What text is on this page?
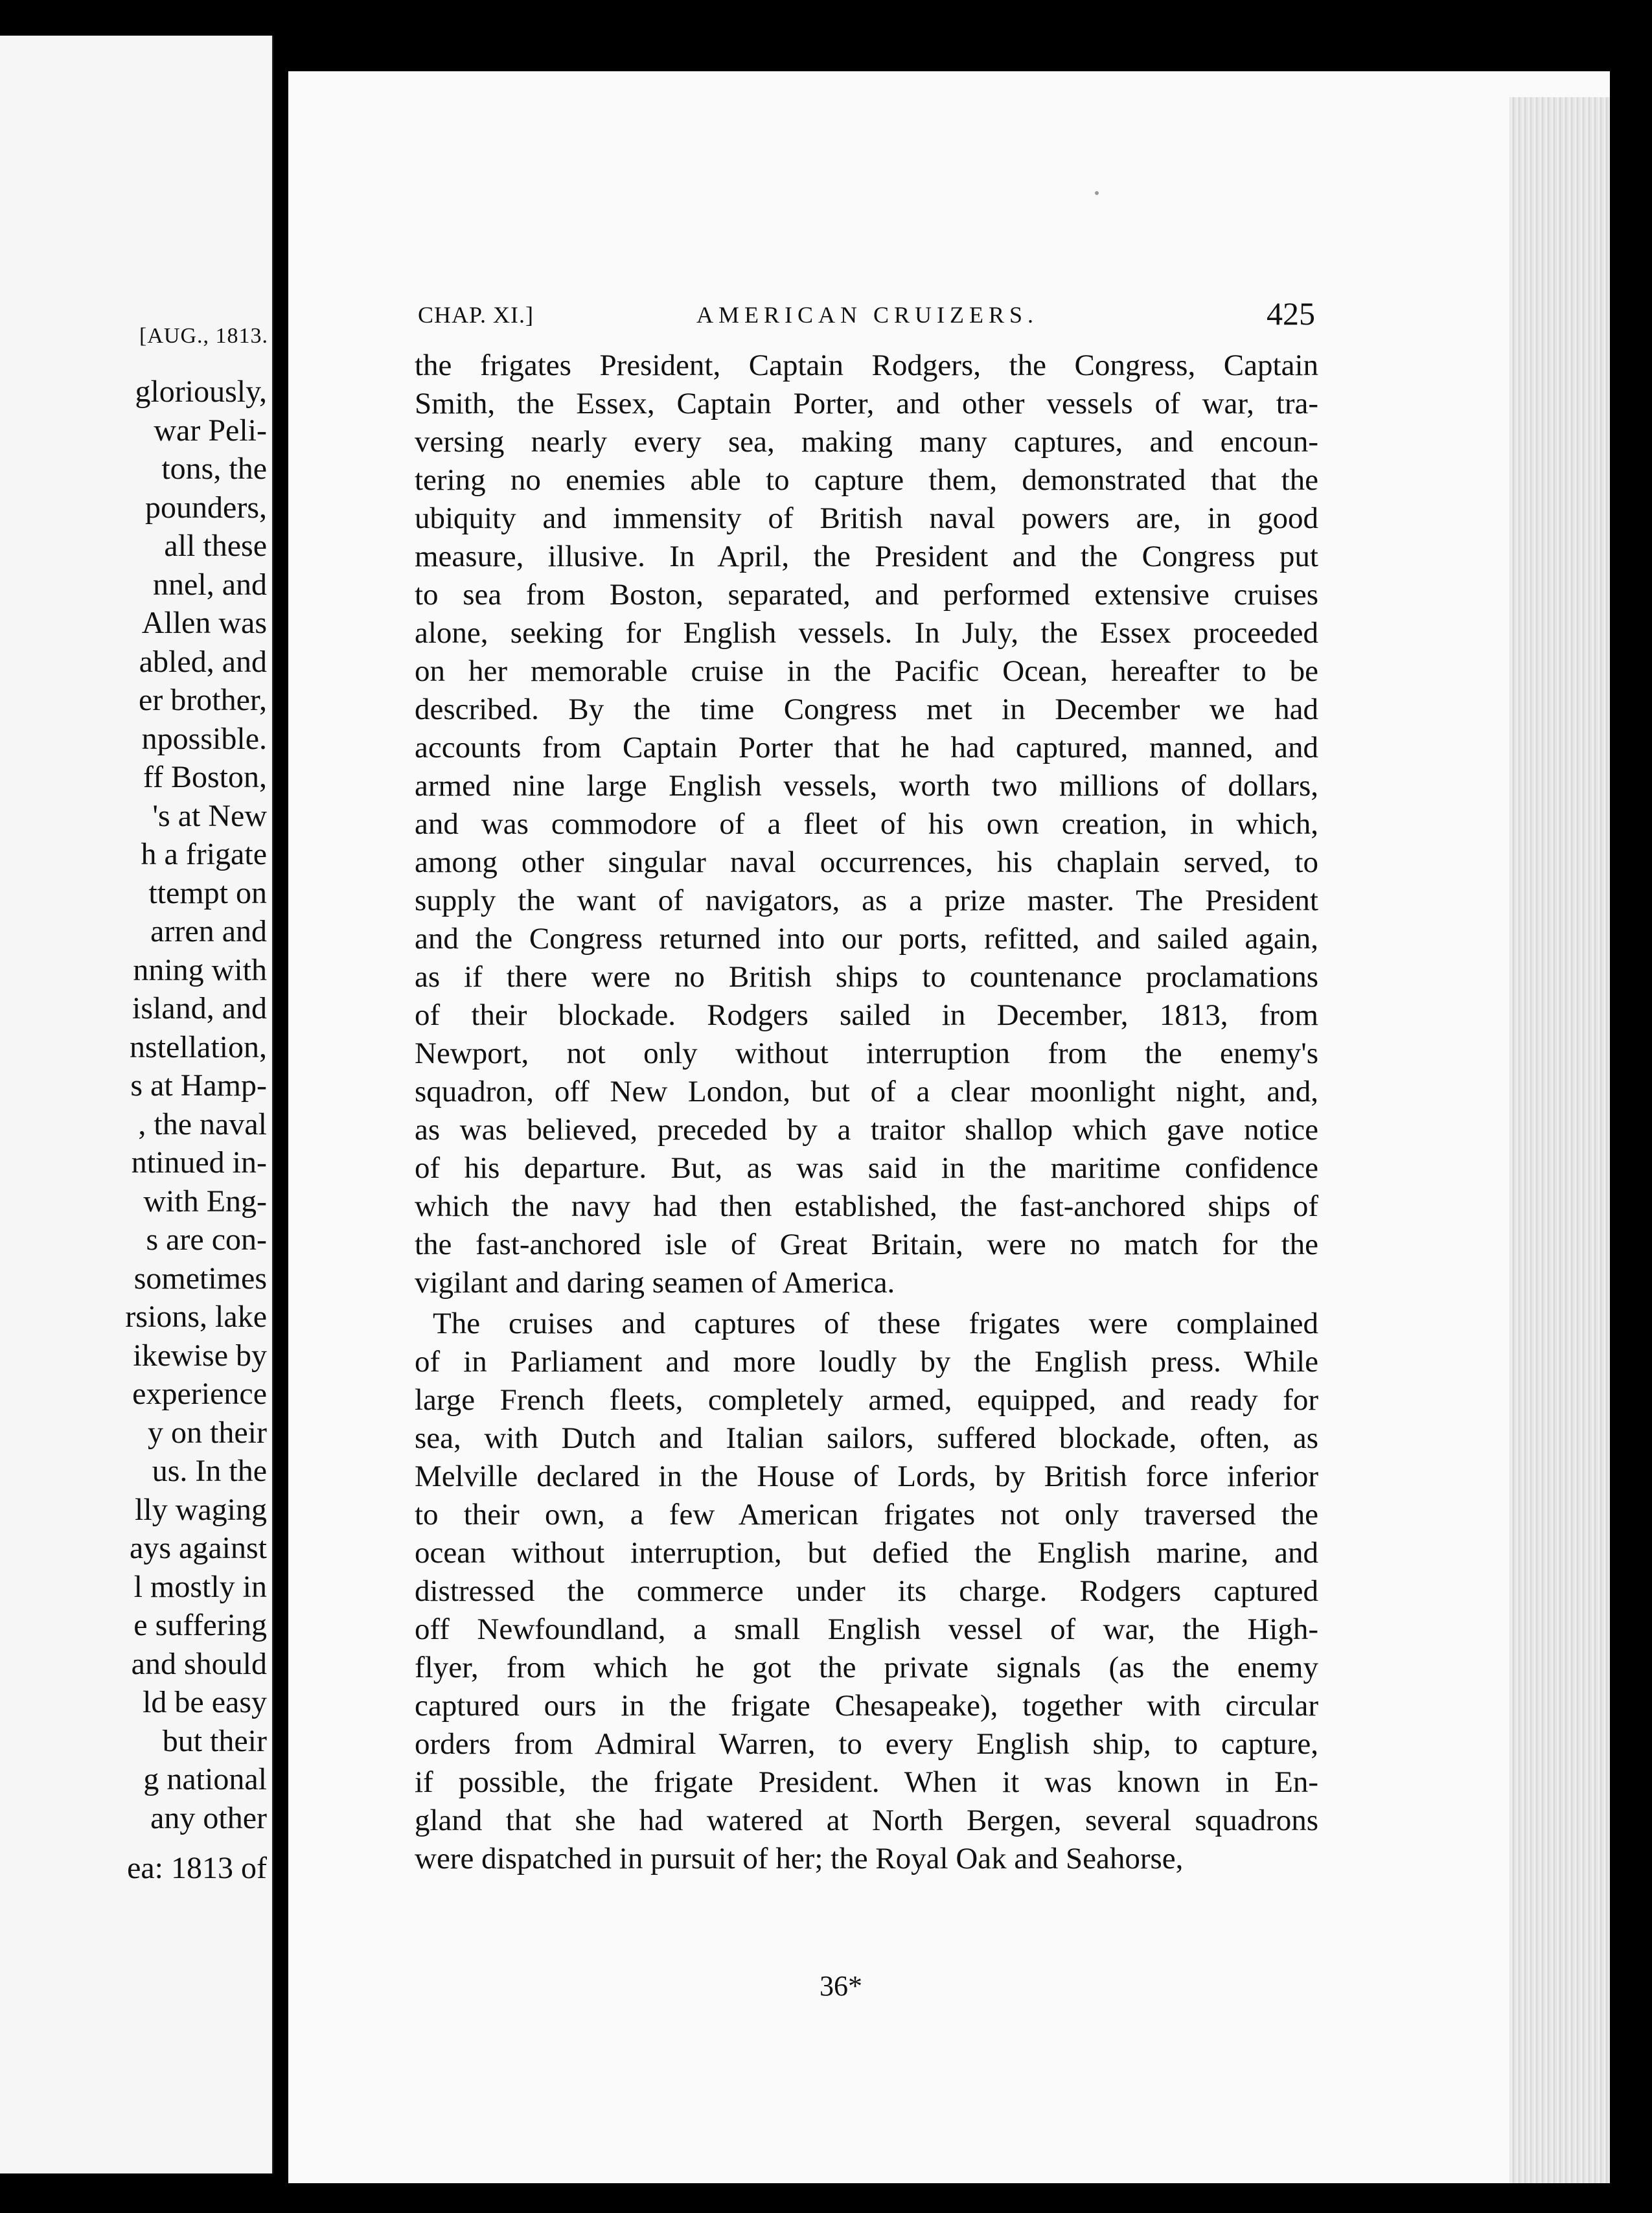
[AUG., 1813.
gloriously,
war Peli-
tons, the
pounders,
all these
nnel, and
Allen was
abled, and
er brother,
npossible.
ff Boston,
's at New
h a frigate
ttempt on
arren and
nning with
island, and
nstellation,
s at Hamp-
, the naval
ntinued in-
with Eng-
s are con-
sometimes
rsions, lake
ikewise by
experience
y on their
us. In the
lly waging
ays against
l mostly in
e suffering
and should
ld be easy
but their
g national
any other
ea: 1813 of
CHAP. XI.]	AMERICAN CRUIZERS.	425

the frigates President, Captain Rodgers, the Congress, Captain
Smith, the Essex, Captain Porter, and other vessels of war, tra-
versing nearly every sea, making many captures, and encoun-
tering no enemies able to capture them, demonstrated that the
ubiquity and immensity of British naval powers are, in good
measure, illusive. In April, the President and the Congress put
to sea from Boston, separated, and performed extensive cruises
alone, seeking for English vessels. In July, the Essex proceeded
on her memorable cruise in the Pacific Ocean, hereafter to be
described. By the time Congress met in December we had
accounts from Captain Porter that he had captured, manned, and
armed nine large English vessels, worth two millions of dollars,
and was commodore of a fleet of his own creation, in which,
among other singular naval occurrences, his chaplain served, to
supply the want of navigators, as a prize master. The President
and the Congress returned into our ports, refitted, and sailed again,
as if there were no British ships to countenance proclamations
of their blockade. Rodgers sailed in December, 1813, from
Newport, not only without interruption from the enemy's
squadron, off New London, but of a clear moonlight night, and,
as was believed, preceded by a traitor shallop which gave notice
of his departure. But, as was said in the maritime confidence
which the navy had then established, the fast-anchored ships of
the fast-anchored isle of Great Britain, were no match for the
vigilant and daring seamen of America.

The cruises and captures of these frigates were complained
of in Parliament and more loudly by the English press. While
large French fleets, completely armed, equipped, and ready for
sea, with Dutch and Italian sailors, suffered blockade, often, as
Melville declared in the House of Lords, by British force inferior
to their own, a few American frigates not only traversed the
ocean without interruption, but defied the English marine, and
distressed the commerce under its charge. Rodgers captured
off Newfoundland, a small English vessel of war, the High-
flyer, from which he got the private signals (as the enemy
captured ours in the frigate Chesapeake), together with circular
orders from Admiral Warren, to every English ship, to capture,
if possible, the frigate President. When it was known in En-
gland that she had watered at North Bergen, several squadrons
were dispatched in pursuit of her; the Royal Oak and Seahorse,

36*
